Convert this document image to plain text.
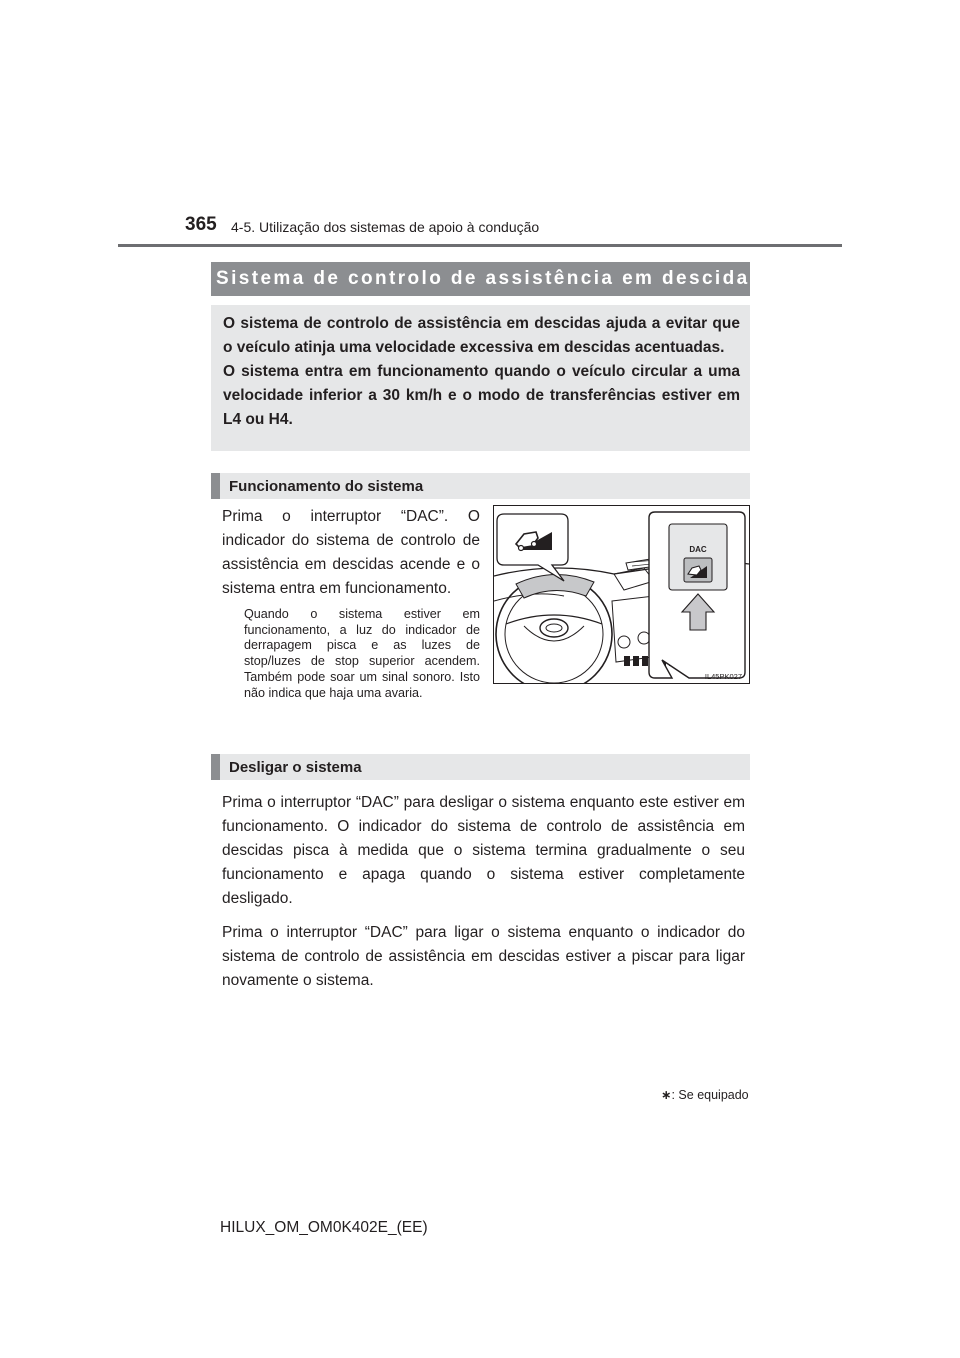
365 4-5. Utilização dos sistemas de apoio à condução
Sistema de controlo de assistência em descidas∗

O sistema de controlo de assistência em descidas ajuda a evitar que o veículo atinja uma velocidade excessiva em descidas acentuadas.

O sistema entra em funcionamento quando o veículo circular a uma velocidade inferior a 30 km/h e o modo de transferências estiver em L4 ou H4.

Funcionamento do sistema

Prima o interruptor “DAC”. O indicador do sistema de controlo de assistência em descidas acende e o sistema entra em funcionamento.

Quando o sistema estiver em funcionamento, a luz do indicador de derrapagem pisca e as luzes de stop/luzes de stop superior acendem. Também pode soar um sinal sonoro. Isto não indica que haja uma avaria.

DAC
IL45PK027
Desligar o sistema

Prima o interruptor “DAC” para desligar o sistema enquanto este estiver em funcionamento. O indicador do sistema de controlo de assistência em descidas pisca à medida que o sistema termina gradualmente o seu funcionamento e apaga quando o sistema estiver completamente desligado.

Prima o interruptor “DAC” para ligar o sistema enquanto o indicador do sistema de controlo de assistência em descidas estiver a piscar para ligar novamente o sistema.

∗: Se equipado
HILUX_OM_OM0K402E_(EE)
